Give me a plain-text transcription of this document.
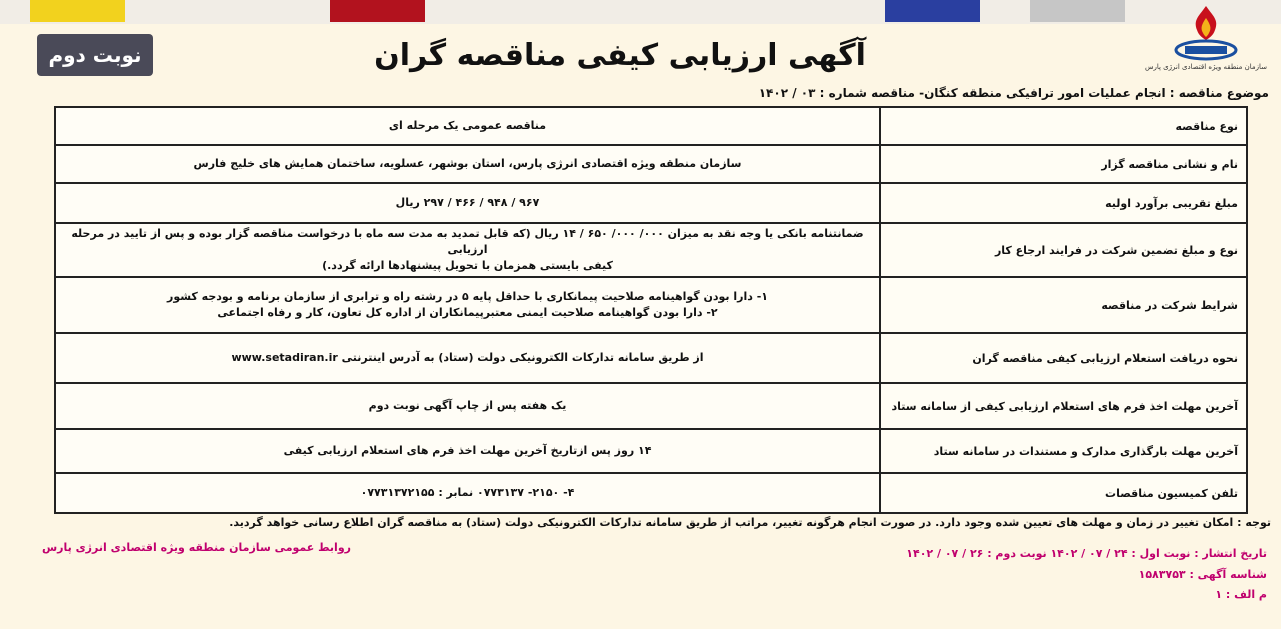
نوبت دوم	آگهی ارزیابی کیفی مناقصه گران	سازمان منطقه ویژه اقتصادی انرژی پارس
موضوع مناقصه : انجام عملیات امور ترافیکی منطقه کنگان- مناقصه شماره : ۰۳ / ۱۴۰۲
نوع مناقصه	مناقصه عمومی یک مرحله ای
نام و نشانی مناقصه گزار	سازمان منطقه ویژه اقتصادی انرژی پارس، استان بوشهر، عسلویه، ساختمان همایش های خلیج فارس
مبلغ تقریبی برآورد اولیه	۹۶۷ / ۹۴۸ / ۴۶۶ / ۲۹۷ ریال
نوع و مبلغ تضمین شرکت در فرایند ارجاع کار	ضمانتنامه بانکی یا وجه نقد به میزان ۰۰۰/ ۰۰۰/ ۶۵۰ / ۱۴ ریال (که قابل تمدید به مدت سه ماه با درخواست مناقصه گزار بوده و پس از تایید در مرحله ارزیابی
کیفی بایستی همزمان با تحویل پیشنهادها ارائه گردد.)

شرایط شرکت در مناقصه	۱- دارا بودن گواهینامه صلاحیت پیمانکاری با حداقل پایه ۵ در رشته راه و ترابری از سازمان برنامه و بودجه کشور
۲- دارا بودن گواهینامه صلاحیت ایمنی معتبرپیمانکاران از اداره کل تعاون، کار و رفاه اجتماعی

نحوه دریافت استعلام ارزیابی کیفی مناقصه گران	از طریق سامانه تدارکات الکترونیکی دولت (ستاد) به آدرس اینترنتی www.setadiran.ir
آخرین مهلت اخذ فرم های استعلام ارزیابی کیفی از سامانه ستاد	یک هفته پس از چاپ آگهی نوبت دوم
آخرین مهلت بارگذاری مدارک و مستندات در سامانه ستاد	۱۴ روز پس ازتاریخ آخرین مهلت اخذ فرم های استعلام ارزیابی کیفی
تلفن کمیسیون مناقصات	۴- ۲۱۵۰- ۰۷۷۳۱۳۷ نمابر : ۰۷۷۳۱۳۷۲۱۵۵
توجه : امکان تغییر در زمان و مهلت های تعیین شده وجود دارد. در صورت انجام هرگونه تغییر، مراتب از طریق سامانه تدارکات الکترونیکی دولت (ستاد) به مناقصه گران اطلاع رسانی خواهد گردید.
روابط عمومی سازمان منطقه ویژه اقتصادی انرژی پارس	تاریخ انتشار : نوبت اول : ۲۴ / ۰۷ / ۱۴۰۲ نوبت دوم : ۲۶ / ۰۷ / ۱۴۰۲
شناسه آگهی : ۱۵۸۳۷۵۳
م الف : ۱
